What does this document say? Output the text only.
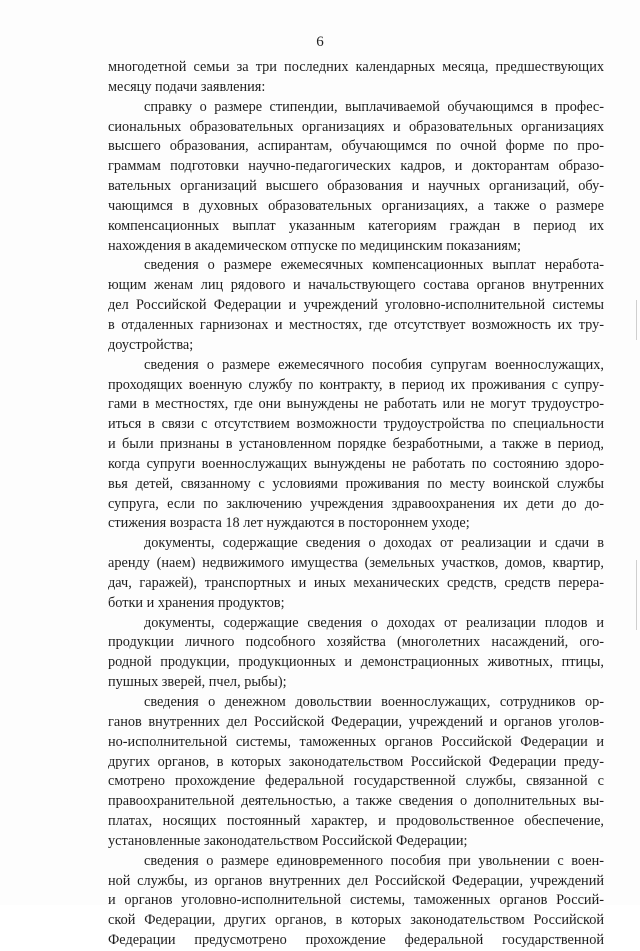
6
многодетной семьи за три последних календарных месяца, предшествующих
месяцу подачи заявления:
справку о размере стипендии, выплачиваемой обучающимся в профес-
сиональных образовательных организациях и образовательных организациях
высшего образования, аспирантам, обучающимся по очной форме по про-
граммам подготовки научно-педагогических кадров, и докторантам образо-
вательных организаций высшего образования и научных организаций, обу-
чающимся в духовных образовательных организациях, а также о размере
компенсационных выплат указанным категориям граждан в период их
нахождения в академическом отпуске по медицинским показаниям;
сведения о размере ежемесячных компенсационных выплат неработа-
ющим женам лиц рядового и начальствующего состава органов внутренних
дел Российской Федерации и учреждений уголовно-исполнительной системы
в отдаленных гарнизонах и местностях, где отсутствует возможность их тру-
доустройства;
сведения о размере ежемесячного пособия супругам военнослужащих,
проходящих военную службу по контракту, в период их проживания с супру-
гами в местностях, где они вынуждены не работать или не могут трудоустро-
иться в связи с отсутствием возможности трудоустройства по специальности
и были признаны в установленном порядке безработными, а также в период,
когда супруги военнослужащих вынуждены не работать по состоянию здоро-
вья детей, связанному с условиями проживания по месту воинской службы
супруга, если по заключению учреждения здравоохранения их дети до до-
стижения возраста 18 лет нуждаются в постороннем уходе;
документы, содержащие сведения о доходах от реализации и сдачи в
аренду (наем) недвижимого имущества (земельных участков, домов, квартир,
дач, гаражей), транспортных и иных механических средств, средств перера-
ботки и хранения продуктов;
документы, содержащие сведения о доходах от реализации плодов и
продукции личного подсобного хозяйства (многолетних насаждений, ого-
родной продукции, продукционных и демонстрационных животных, птицы,
пушных зверей, пчел, рыбы);
сведения о денежном довольствии военнослужащих, сотрудников ор-
ганов внутренних дел Российской Федерации, учреждений и органов уголов-
но-исполнительной системы, таможенных органов Российской Федерации и
других органов, в которых законодательством Российской Федерации преду-
смотрено прохождение федеральной государственной службы, связанной с
правоохранительной деятельностью, а также сведения о дополнительных вы-
платах, носящих постоянный характер, и продовольственное обеспечение,
установленные законодательством Российской Федерации;
сведения о размере единовременного пособия при увольнении с воен-
ной службы, из органов внутренних дел Российской Федерации, учреждений
и органов уголовно-исполнительной системы, таможенных органов Россий-
ской Федерации, других органов, в которых законодательством Российской
Федерации предусмотрено прохождение федеральной государственной
